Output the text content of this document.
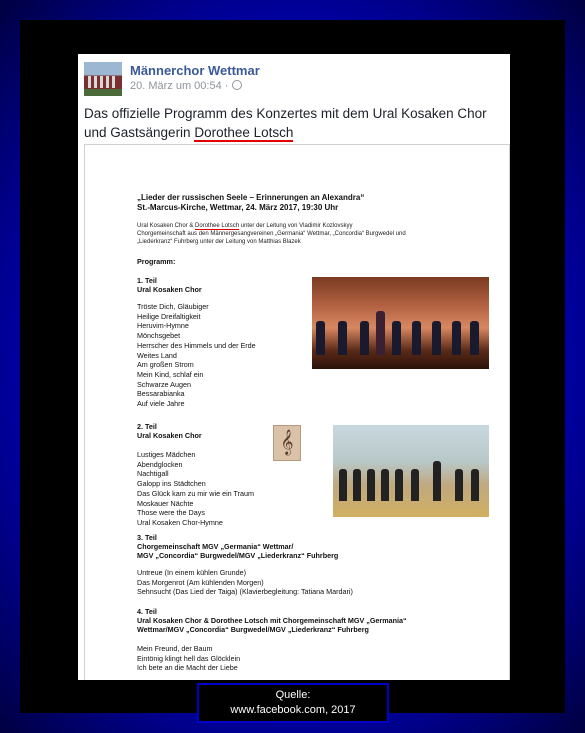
Männerchor Wettmar
20. März um 00:54 ·
Das offizielle Programm des Konzertes mit dem Ural Kosaken Chor und Gastsängerin Dorothee Lotsch
„Lieder der russischen Seele – Erinnerungen an Alexandra“
St.-Marcus-Kirche, Wettmar, 24. März 2017, 19:30 Uhr
Ural Kosaken Chor & Dorothee Lotsch unter der Leitung von Vladimir Kozlovskyy
Chorgemeinschaft aus den Männergesangvereinen „Germania“ Wettmar, „Concordia“ Burgwedel und
„Liederkranz“ Fuhrberg unter der Leitung von Matthias Blazek
Programm:
1. Teil
Ural Kosaken Chor
Tröste Dich, Gläubiger
Heilige Dreifaltigkeit
Heruvim-Hymne
Mönchsgebet
Herrscher des Himmels und der Erde
Weites Land
Am großen Strom
Mein Kind, schlaf ein
Schwarze Augen
Bessarabianka
Auf viele Jahre
2. Teil
Ural Kosaken Chor	𝄞
Lustiges Mädchen
Abendglocken
Nachtigall
Galopp ins Städtchen
Das Glück kam zu mir wie ein Traum
Moskauer Nächte
Those were the Days
Ural Kosaken Chor-Hymne
3. Teil
Chorgemeinschaft MGV „Germania“ Wettmar/
MGV „Concordia“ Burgwedel/MGV „Liederkranz“ Fuhrberg
Untreue (In einem kühlen Grunde)
Das Morgenrot (Am kühlenden Morgen)
Sehnsucht (Das Lied der Taiga) (Klavierbegleitung: Tatiana Mardari)
4. Teil
Ural Kosaken Chor & Dorothee Lotsch mit Chorgemeinschaft MGV „Germania“
Wettmar/MGV „Concordia“ Burgwedel/MGV „Liederkranz“ Fuhrberg
Mein Freund, der Baum
Eintönig klingt hell das Glöcklein
Ich bete an die Macht der Liebe
Quelle:
www.facebook.com, 2017
